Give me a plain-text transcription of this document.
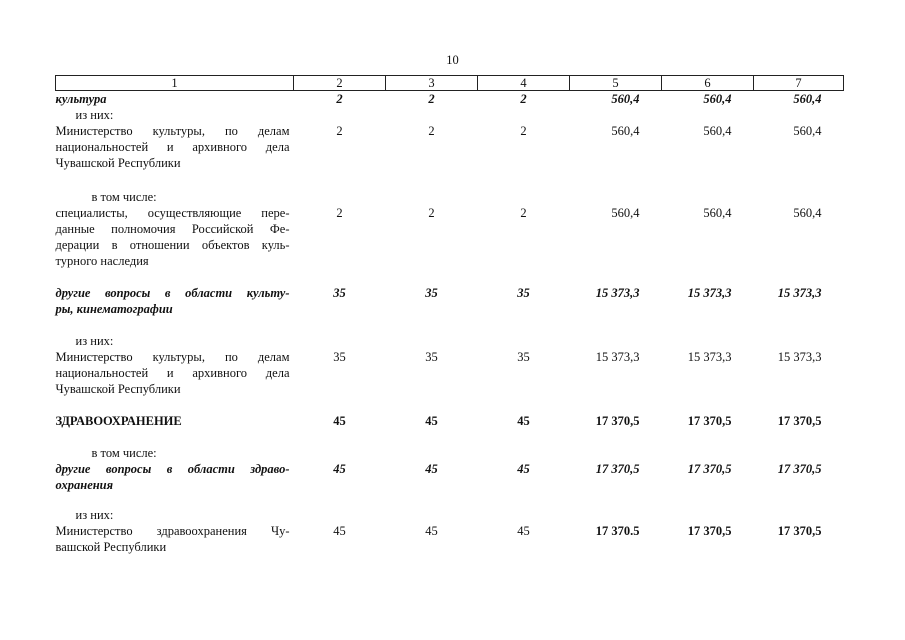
10
1	2	3	4	5	6	7

культура	2	2	2	560,4	560,4	560,4

из них:						

Министерство культуры, по делам
национальностей и архивного дела
Чувашской Республики	2	2	2	560,4	560,4	560,4

в том числе:						

специалисты, осуществляющие пере-
данные полномочия Российской Фе-
дерации в отношении объектов куль-
турного наследия	2	2	2	560,4	560,4	560,4

другие вопросы в области культу-
ры, кинематографии	35	35	35	15 373,3	15 373,3	15 373,3

из них:						

Министерство культуры, по делам
национальностей и архивного дела
Чувашской Республики	35	35	35	15 373,3	15 373,3	15 373,3

ЗДРАВООХРАНЕНИЕ	45	45	45	17 370,5	17 370,5	17 370,5

в том числе:						

другие вопросы в области здраво-
охранения	45	45	45	17 370,5	17 370,5	17 370,5

из них:						

Министерство здравоохранения Чу-
вашской Республики	45	45	45	17 370.5	17 370,5	17 370,5
